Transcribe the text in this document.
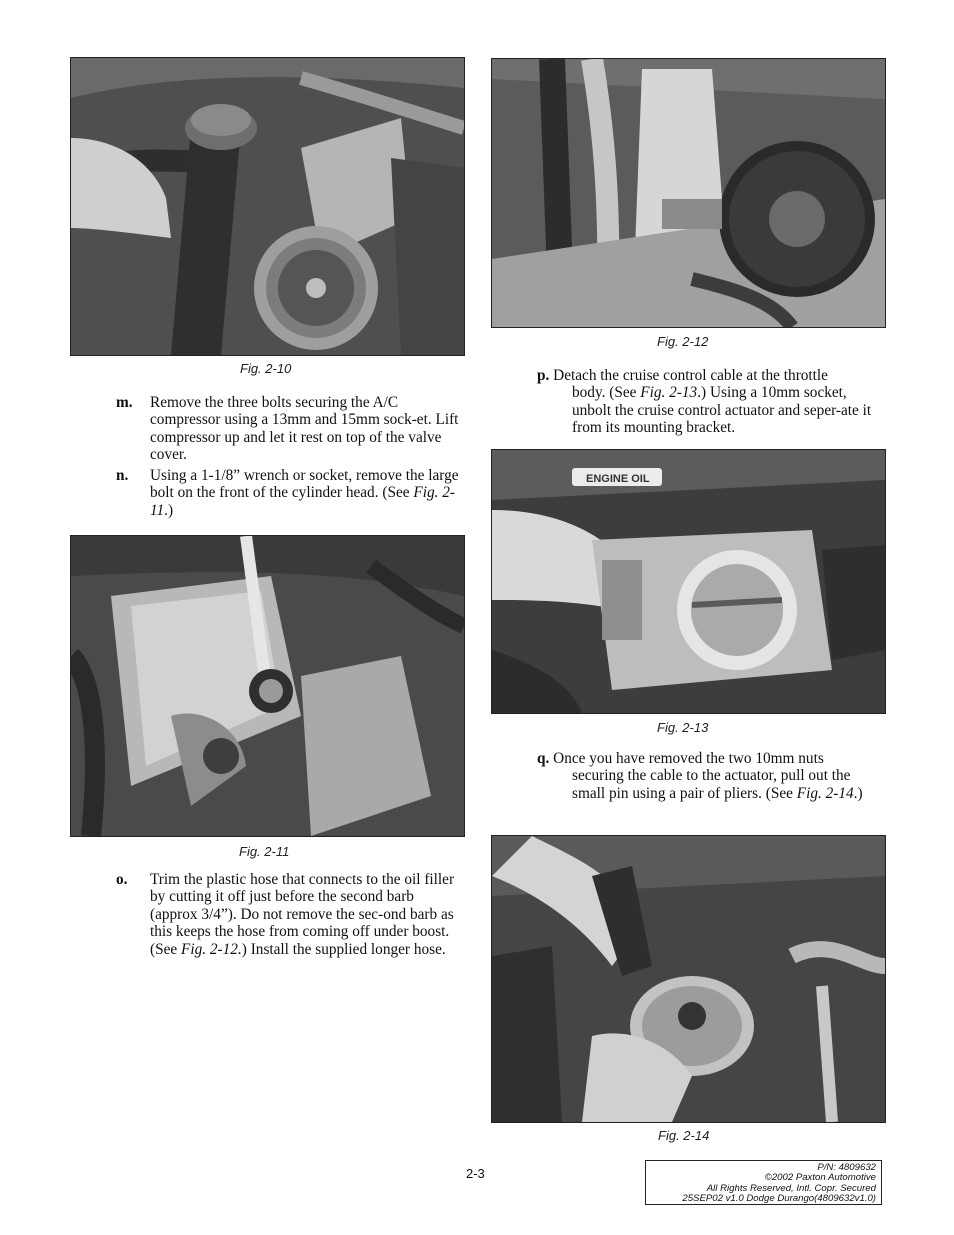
Fig. 2-10
m.	Remove the three bolts securing the A/C compressor using a 13mm and 15mm sock-et. Lift compressor up and let it rest on top of the valve cover.
n.	Using a 1-1/8” wrench or socket, remove the large bolt on the front of the cylinder head. (See Fig. 2-11.)
Fig. 2-11
o.	Trim the plastic hose that connects to the oil filler by cutting it off just before the second barb (approx 3/4”). Do not remove the sec-ond barb as this keeps the hose from coming off under boost. (See Fig. 2-12.) Install the supplied longer hose.
Fig. 2-12
p. Detach the cruise control cable at the throttle
body. (See Fig. 2-13.) Using a 10mm socket, unbolt the cruise control actuator and seper-ate it from its mounting bracket.
ENGINE OIL
Fig. 2-13
q. Once you have removed the two 10mm nuts
securing the cable to the actuator, pull out the small pin using a pair of pliers. (See Fig. 2-14.)
Fig. 2-14
2-3	P/N: 4809632
©2002 Paxton Automotive
All Rights Reserved, Intl. Copr. Secured
25SEP02 v1.0 Dodge Durango(4809632v1.0)
